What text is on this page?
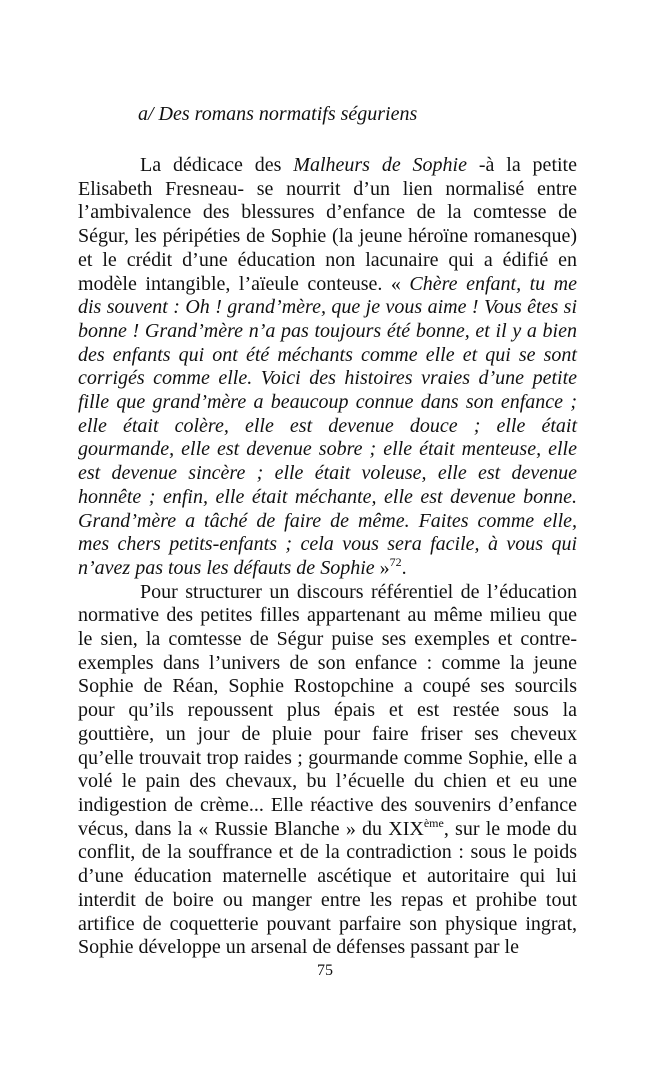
a/ Des romans normatifs séguriens

La dédicace des Malheurs de Sophie -à la petite Elisabeth Fresneau- se nourrit d’un lien normalisé entre l’ambivalence des blessures d’enfance de la comtesse de Ségur, les péripéties de Sophie (la jeune héroïne romanesque) et le crédit d’une éducation non lacunaire qui a édifié en modèle intangible, l’aïeule conteuse. « Chère enfant, tu me dis souvent : Oh ! grand’mère, que je vous aime ! Vous êtes si bonne ! Grand’mère n’a pas toujours été bonne, et il y a bien des enfants qui ont été méchants comme elle et qui se sont corrigés comme elle. Voici des histoires vraies d’une petite fille que grand’mère a beaucoup connue dans son enfance ; elle était colère, elle est devenue douce ; elle était gourmande, elle est devenue sobre ; elle était menteuse, elle est devenue sincère ; elle était voleuse, elle est devenue honnête ; enfin, elle était méchante, elle est devenue bonne. Grand’mère a tâché de faire de même. Faites comme elle, mes chers petits-enfants ; cela vous sera facile, à vous qui n’avez pas tous les défauts de Sophie »$^{72}$.

Pour structurer un discours référentiel de l’éducation normative des petites filles appartenant au même milieu que le sien, la comtesse de Ségur puise ses exemples et contre-exemples dans l’univers de son enfance : comme la jeune Sophie de Réan, Sophie Rostopchine a coupé ses sourcils pour qu’ils repoussent plus épais et est restée sous la gouttière, un jour de pluie pour faire friser ses cheveux qu’elle trouvait trop raides ; gourmande comme Sophie, elle a volé le pain des chevaux, bu l’écuelle du chien et eu une indigestion de crème... Elle réactive des souvenirs d’enfance vécus, dans la « Russie Blanche » du XIXème, sur le mode du conflit, de la souffrance et de la contradiction : sous le poids d’une éducation maternelle ascétique et autoritaire qui lui interdit de boire ou manger entre les repas et prohibe tout artifice de coquetterie pouvant parfaire son physique ingrat, Sophie développe un arsenal de défenses passant par le

75
